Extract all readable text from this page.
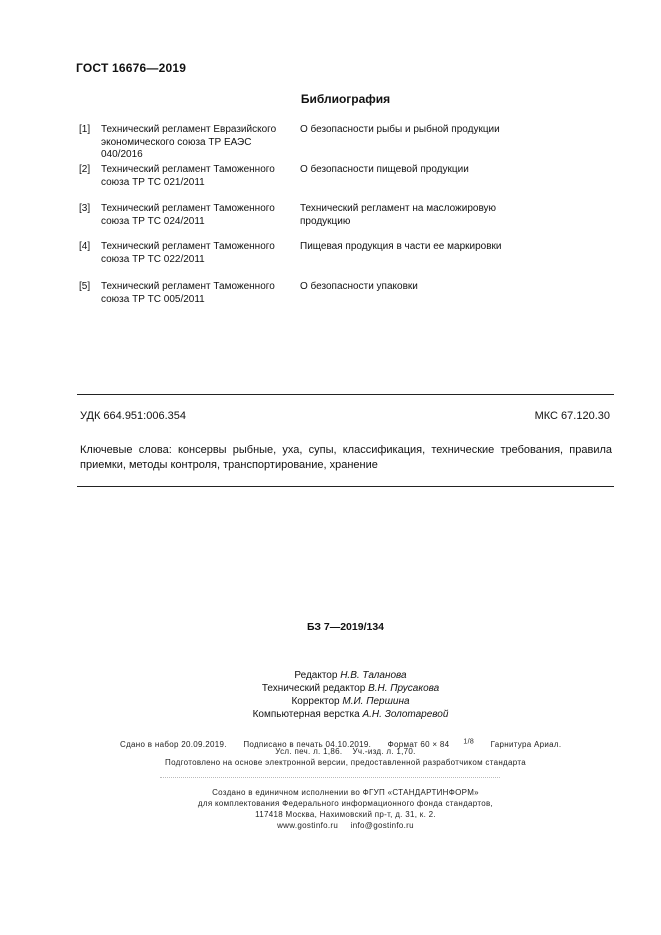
ГОСТ 16676—2019
Библиография
[1]	Технический регламент Евразийского экономического союза ТР ЕАЭС 040/2016
О безопасности рыбы и рыбной продукции
[2]	Технический регламент Таможенного союза ТР ТС 021/2011
О безопасности пищевой продукции
[3]	Технический регламент Таможенного союза ТР ТС 024/2011
Технический регламент на масложировую продукцию
[4]	Технический регламент Таможенного союза ТР ТС 022/2011
Пищевая продукция в части ее маркировки
[5]	Технический регламент Таможенного союза ТР ТС 005/2011
О безопасности упаковки
УДК 664.951:006.354	МКС 67.120.30
Ключевые слова: консервы рыбные, уха, супы, классификация, технические требования, правила приемки, методы контроля, транспортирование, хранение
БЗ 7—2019/134
Редактор Н.В. Таланова
Технический редактор В.Н. Прусакова
Корректор М.И. Першина
Компьютерная верстка А.Н. Золотаревой
Сдано в набор 20.09.2019. Подписано в печать 04.10.2019. Формат 60 × 84 $^{1/8}$ Гарнитура Ариал.
Усл. печ. л. 1,86. Уч.-изд. л. 1,70.
Подготовлено на основе электронной версии, предоставленной разработчиком стандарта
Создано в единичном исполнении во ФГУП «СТАНДАРТИНФОРМ»
для комплектования Федерального информационного фонда стандартов,
117418 Москва, Нахимовский пр-т, д. 31, к. 2.
www.gostinfo.ru     info@gostinfo.ru
